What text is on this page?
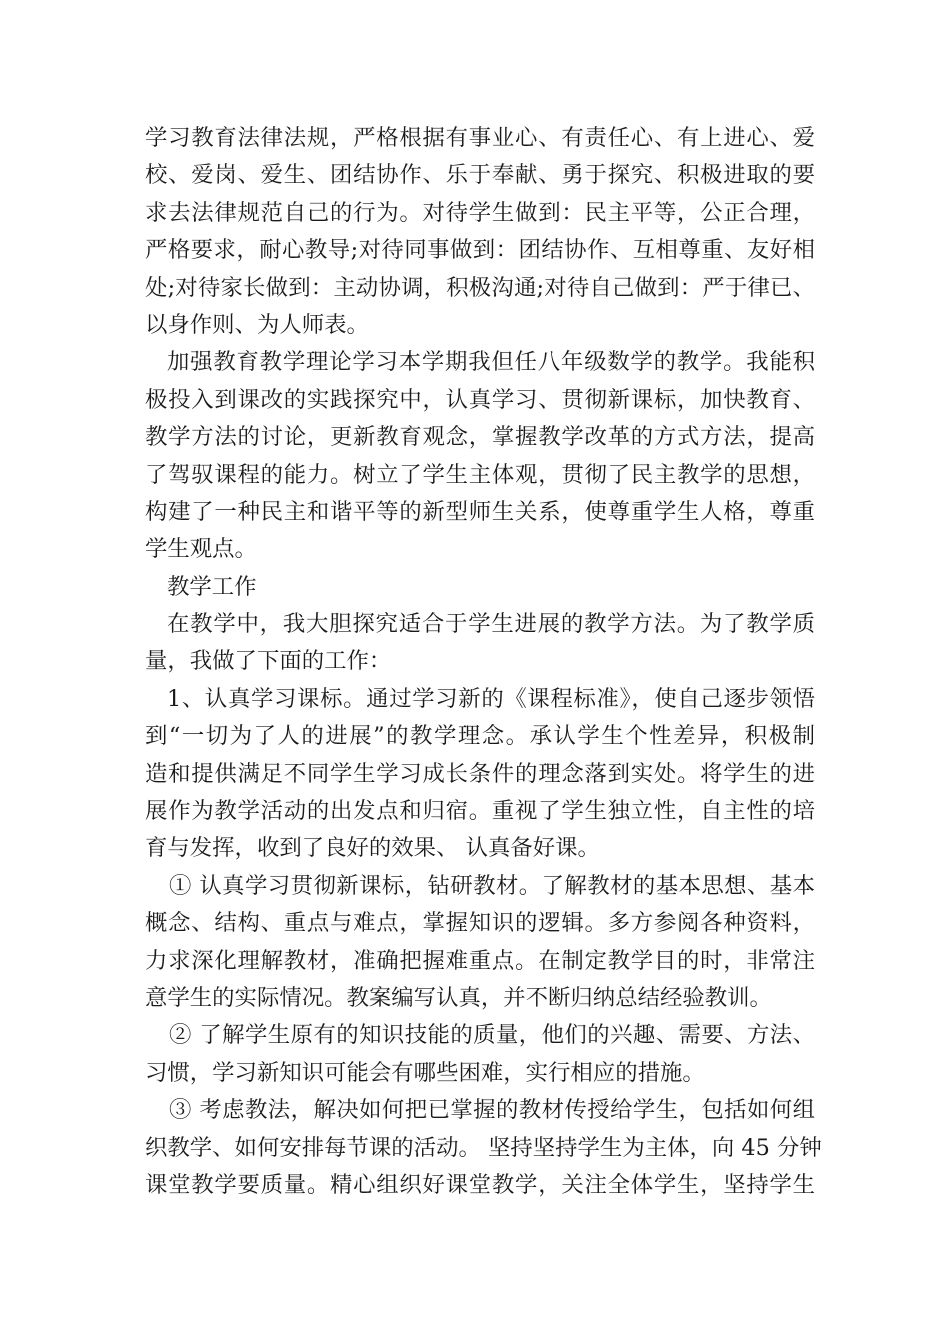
学习教育法律法规，严格根据有事业心、有责任心、有上进心、爱
校、爱岗、爱生、团结协作、乐于奉献、勇于探究、积极进取的要
求去法律规范自己的行为。对待学生做到：民主平等，公正合理，
严格要求，耐心教导;对待同事做到：团结协作、互相尊重、友好相
处;对待家长做到：主动协调，积极沟通;对待自己做到：严于律已、
以身作则、为人师表。
加强教育教学理论学习本学期我但任八年级数学的教学。我能积
极投入到课改的实践探究中，认真学习、贯彻新课标，加快教育、
教学方法的讨论，更新教育观念，掌握教学改革的方式方法，提高
了驾驭课程的能力。树立了学生主体观，贯彻了民主教学的思想，
构建了一种民主和谐平等的新型师生关系，使尊重学生人格，尊重
学生观点。
教学工作
在教学中，我大胆探究适合于学生进展的教学方法。为了教学质
量，我做了下面的工作：
1、认真学习课标。通过学习新的《课程标准》，使自己逐步领悟
到“一切为了人的进展”的教学理念。承认学生个性差异，积极制
造和提供满足不同学生学习成长条件的理念落到实处。将学生的进
展作为教学活动的出发点和归宿。重视了学生独立性，自主性的培
育与发挥，收到了良好的效果、 认真备好课。
① 认真学习贯彻新课标，钻研教材。了解教材的基本思想、基本
概念、结构、重点与难点，掌握知识的逻辑。多方参阅各种资料，
力求深化理解教材，准确把握难重点。在制定教学目的时，非常注
意学生的实际情况。教案编写认真，并不断归纳总结经验教训。
② 了解学生原有的知识技能的质量，他们的兴趣、需要、方法、
习惯，学习新知识可能会有哪些困难，实行相应的措施。
③ 考虑教法，解决如何把已掌握的教材传授给学生，包括如何组
织教学、如何安排每节课的活动。 坚持坚持学生为主体，向 45 分钟
课堂教学要质量。精心组织好课堂教学，关注全体学生，坚持学生
